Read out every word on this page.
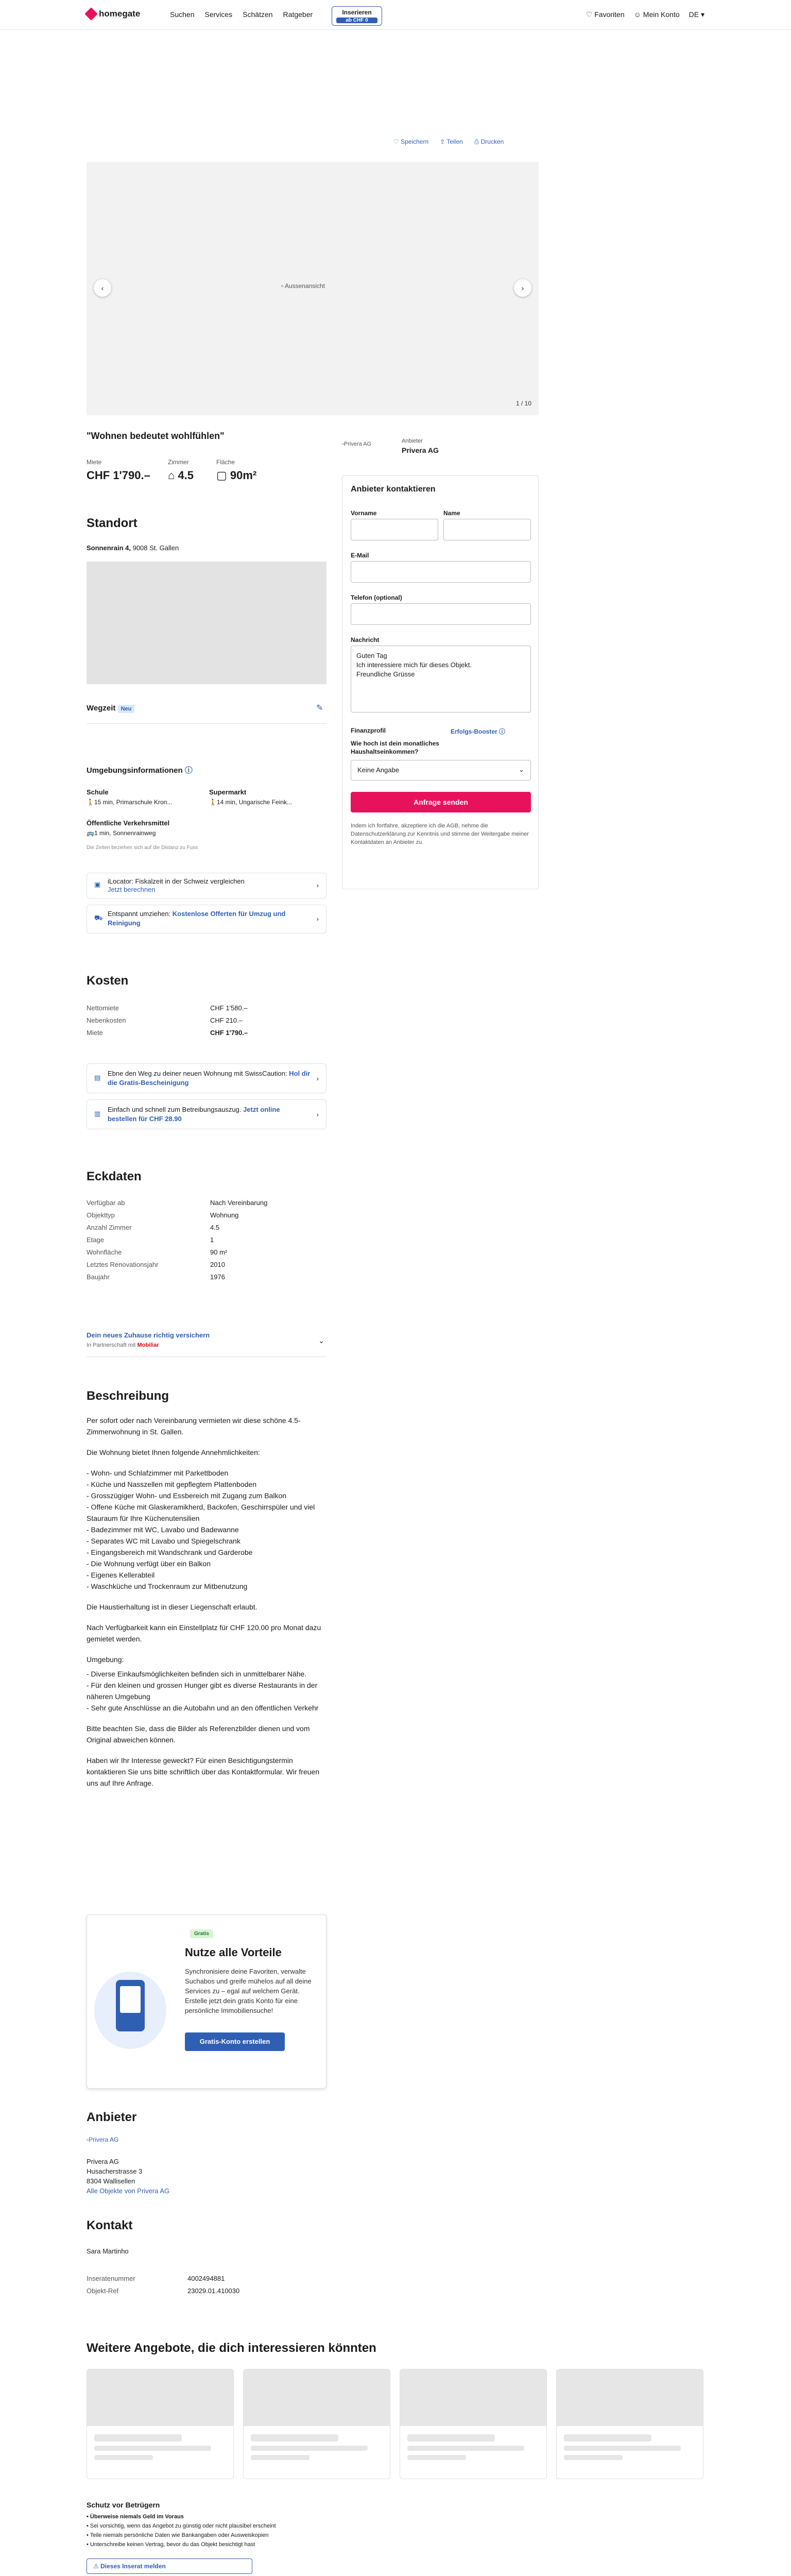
homegate	Suchen Services Schätzen Ratgeber	Inserieren
ab CHF 0
♡ Favoriten ☺ Mein Konto DE ▾
♡ Speichern ⇪ Teilen ⎙ Drucken
▫ Aussenansicht
‹	›
1 / 10
"Wohnen bedeutet wohlfühlen"
Miete
CHF 1'790.–
Zimmer
⌂ 4.5
Fläche
▢ 90m²
▫Privera AG	Anbieter
Privera AG
Anbieter kontaktieren
Vorname	Name
E-Mail
Telefon (optional)
Nachricht
Guten Tag
Ich interessiere mich für dieses Objekt.
Freundliche Grüsse
Finanzprofil	Erfolgs-Booster ⓘ
Wie hoch ist dein monatliches Haushaltseinkommen?
Keine Angabe	⌄
Anfrage senden
Indem ich fortfahre, akzeptiere ich die AGB, nehme die Datenschutzerklärung zur Kenntnis und stimme der Weitergabe meiner Kontaktdaten an Anbieter zu.
Standort
Sonnenrain 4, 9008 St. Gallen
Wegzeit Neu	✎
Umgebungsinformationen ⓘ
Schule
🚶15 min, Primarschule Kron...
Supermarkt
🚶14 min, Ungarische Feink...
Öffentliche Verkehrsmittel
🚌1 min, Sonnenrainweg
Die Zeiten beziehen sich auf die Distanz zu Fuss
▣ iLocator: Fiskalzeit in der Schweiz vergleichen
Jetzt berechnen
›
⛟
Entspannt umziehen: Kostenlose Offerten für Umzug und Reinigung
›
Kosten
Nettomiete	CHF 1'580.–
Nebenkosten	CHF 210.–
Miete	CHF 1'790.–
▤
Ebne den Weg zu deiner neuen Wohnung mit SwissCaution: Hol dir die Gratis-Bescheinigung
›
▥
Einfach und schnell zum Betreibungsauszug. Jetzt online bestellen für CHF 28.90
›
Eckdaten
Verfügbar ab	Nach Vereinbarung
Objekttyp	Wohnung
Anzahl Zimmer	4.5
Etage	1
Wohnfläche	90 m²
Letztes Renovationsjahr	2010
Baujahr	1976
Dein neues Zuhause richtig versichern
In Partnerschaft mit Mobiliar
⌄
Beschreibung

Per sofort oder nach Vereinbarung vermieten wir diese schöne 4.5-Zimmerwohnung in St. Gallen.

Die Wohnung bietet Ihnen folgende Annehmlichkeiten:

- Wohn- und Schlafzimmer mit Parkettboden
- Küche und Nasszellen mit gepflegtem Plattenboden
- Grosszügiger Wohn- und Essbereich mit Zugang zum Balkon
- Offene Küche mit Glaskeramikherd, Backofen, Geschirrspüler und viel Stauraum für Ihre Küchenutensilien
- Badezimmer mit WC, Lavabo und Badewanne
- Separates WC mit Lavabo und Spiegelschrank
- Eingangsbereich mit Wandschrank und Garderobe
- Die Wohnung verfügt über ein Balkon
- Eigenes Kellerabteil
- Waschküche und Trockenraum zur Mitbenutzung

Die Haustierhaltung ist in dieser Liegenschaft erlaubt.

Nach Verfügbarkeit kann ein Einstellplatz für CHF 120.00 pro Monat dazu gemietet werden.

Umgebung:

- Diverse Einkaufsmöglichkeiten befinden sich in unmittelbarer Nähe.
- Für den kleinen und grossen Hunger gibt es diverse Restaurants in der näheren Umgebung
- Sehr gute Anschlüsse an die Autobahn und an den öffentlichen Verkehr

Bitte beachten Sie, dass die Bilder als Referenzbilder dienen und vom Original abweichen können.

Haben wir Ihr Interesse geweckt? Für einen Besichtigungstermin kontaktieren Sie uns bitte schriftlich über das Kontaktformular. Wir freuen uns auf Ihre Anfrage.

Gratis
Nutze alle Vorteile
Synchronisiere deine Favoriten, verwalte Suchabos und greife mühelos auf all deine Services zu – egal auf welchem Gerät. Erstelle jetzt dein gratis Konto für eine persönliche Immobiliensuche!
Gratis-Konto erstellen
Anbieter
▫Privera AG
Privera AG
Husacherstrasse 3
8304 Wallisellen
Alle Objekte von Privera AG
Kontakt
Sara Martinho
Inseratenummer	4002494881
Objekt-Ref	23029.01.410030
Weitere Angebote, die dich interessieren könnten
Schutz vor Betrügern
• Überweise niemals Geld im Voraus
• Sei vorsichtig, wenn das Angebot zu günstig oder nicht plausibel erscheint
• Teile niemals persönliche Daten wie Bankangaben oder Ausweiskopien
• Unterschreibe keinen Vertrag, bevor du das Objekt besichtigt hast
⚠ Dieses Inserat melden
